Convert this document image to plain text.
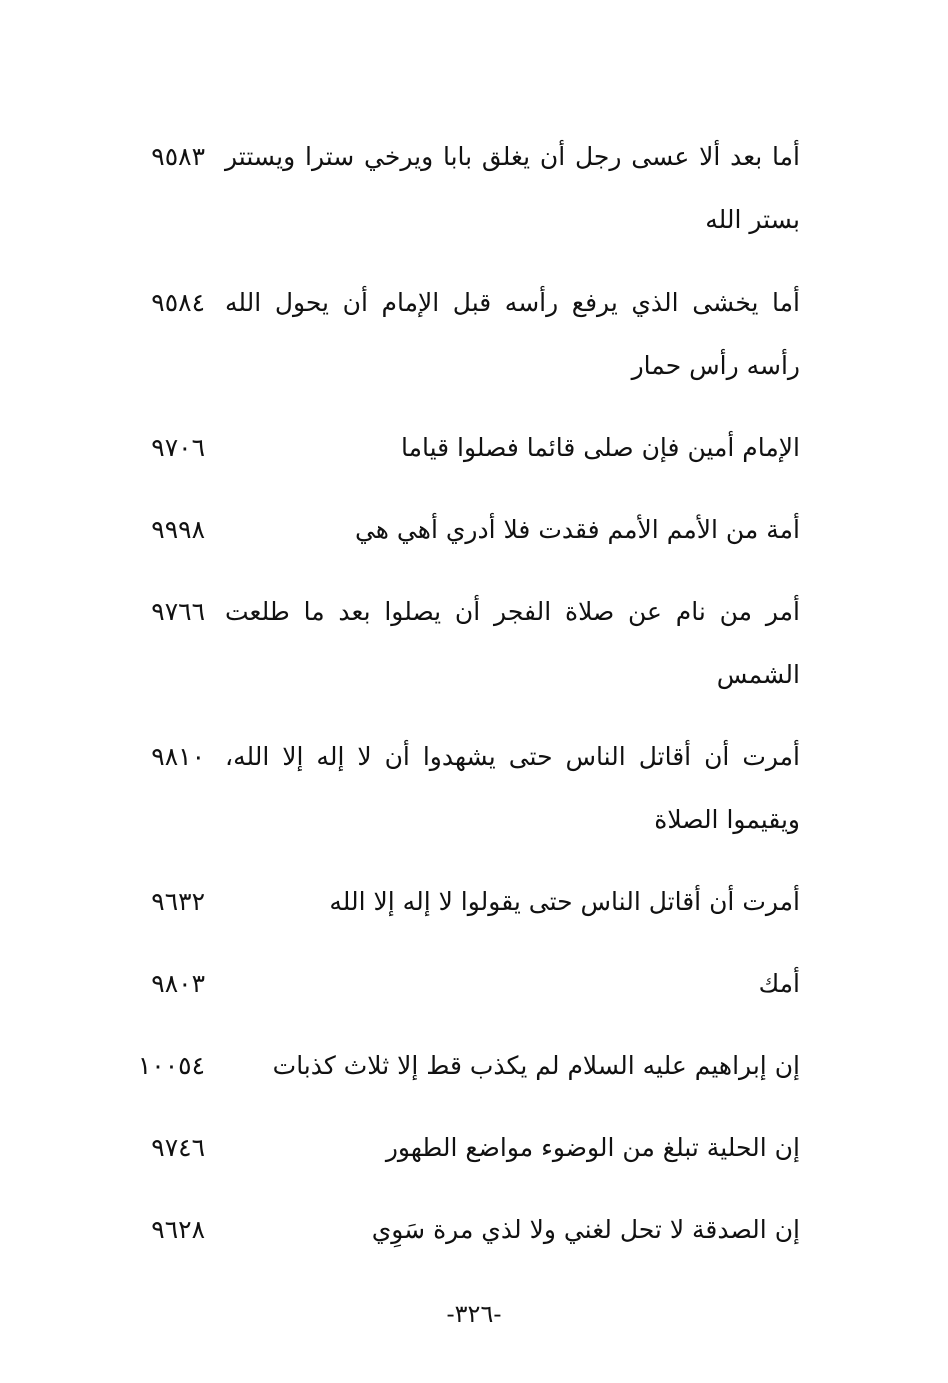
أما بعد ألا عسى رجل أن يغلق بابا ويرخي سترا ويستتر بستر الله
٩٥٨٣
أما يخشى الذي يرفع رأسه قبل الإمام أن يحول الله رأسه رأس حمار
٩٥٨٤
الإمام أمين فإن صلى قائما فصلوا قياما
٩٧٠٦
أمة من الأمم الأمم فقدت فلا أدري أهي هي
٩٩٩٨
أمر من نام عن صلاة الفجر أن يصلوا بعد ما طلعت الشمس
٩٧٦٦
أمرت أن أقاتل الناس حتى يشهدوا أن لا إله إلا الله، ويقيموا الصلاة
٩٨١٠
أمرت أن أقاتل الناس حتى يقولوا لا إله إلا الله
٩٦٣٢
أمك
٩٨٠٣
إن إبراهيم عليه السلام لم يكذب قط إلا ثلاث كذبات
١٠٠٥٤
إن الحلية تبلغ من الوضوء مواضع الطهور
٩٧٤٦
إن الصدقة لا تحل لغني ولا لذي مرة سَوِي
٩٦٢٨
-٣٢٦-
